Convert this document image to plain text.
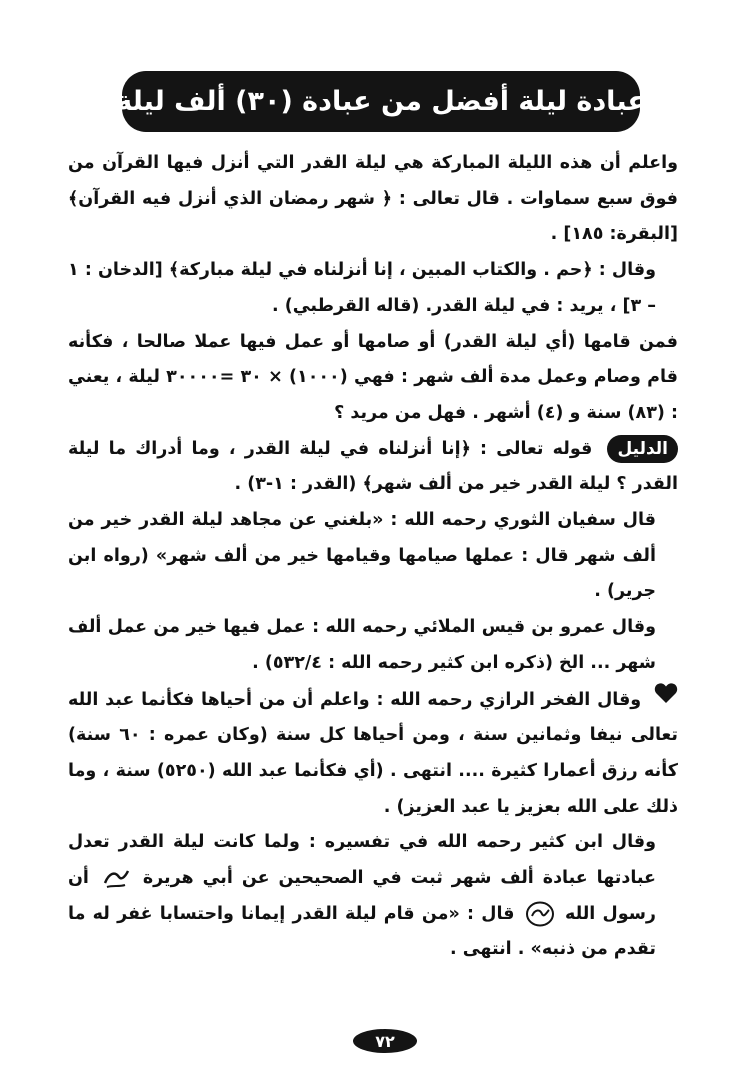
عبادة ليلة أفضل من عبادة (٣٠) ألف ليلة

واعلم أن هذه الليلة المباركة هي ليلة القدر التي أنزل فيها القرآن من فوق سبع سماوات . قال تعالى : ﴿ شهر رمضان الذي أنزل فيه القرآن﴾ [البقرة: ١٨٥] .

وقال : ﴿حم . والكتاب المبين ، إنا أنزلناه في ليلة مباركة﴾ [الدخان : ١ – ٣] ، يريد : في ليلة القدر. (قاله القرطبي) .

فمن قامها (أي ليلة القدر) أو صامها أو عمل فيها عملا صالحا ، فكأنه قام وصام وعمل مدة ألف شهر : فهي (١٠٠٠) × ٣٠ =٣٠٠٠٠ ليلة ، يعني : (٨٣) سنة و (٤) أشهر . فهل من مريد ؟

الدليل قوله تعالى : ﴿إنا أنزلناه في ليلة القدر ، وما أدراك ما ليلة القدر ؟ ليلة القدر خير من ألف شهر﴾ (القدر : ١-٣) .

قال سفيان الثوري رحمه الله : «بلغني عن مجاهد ليلة القدر خير من ألف شهر قال : عملها صيامها وقيامها خير من ألف شهر» (رواه ابن جرير) .

وقال عمرو بن قيس الملائي رحمه الله : عمل فيها خير من عمل ألف شهر ... الخ (ذكره ابن كثير رحمه الله : ٥٣٢/٤) .

وقال الفخر الرازي رحمه الله : واعلم أن من أحياها فكأنما عبد الله تعالى نيفا وثمانين سنة ، ومن أحياها كل سنة (وكان عمره : ٦٠ سنة) كأنه رزق أعمارا كثيرة .... انتهى . (أي فكأنما عبد الله (٥٢٥٠) سنة ، وما ذلك على الله بعزيز يا عبد العزيز) .

وقال ابن كثير رحمه الله في تفسيره : ولما كانت ليلة القدر تعدل عبادتها عبادة ألف شهر ثبت في الصحيحين عن أبي هريرة  أن رسول الله  قال : «من قام ليلة القدر إيمانا واحتسابا غفر له ما تقدم من ذنبه» . انتهى .

٧٢
